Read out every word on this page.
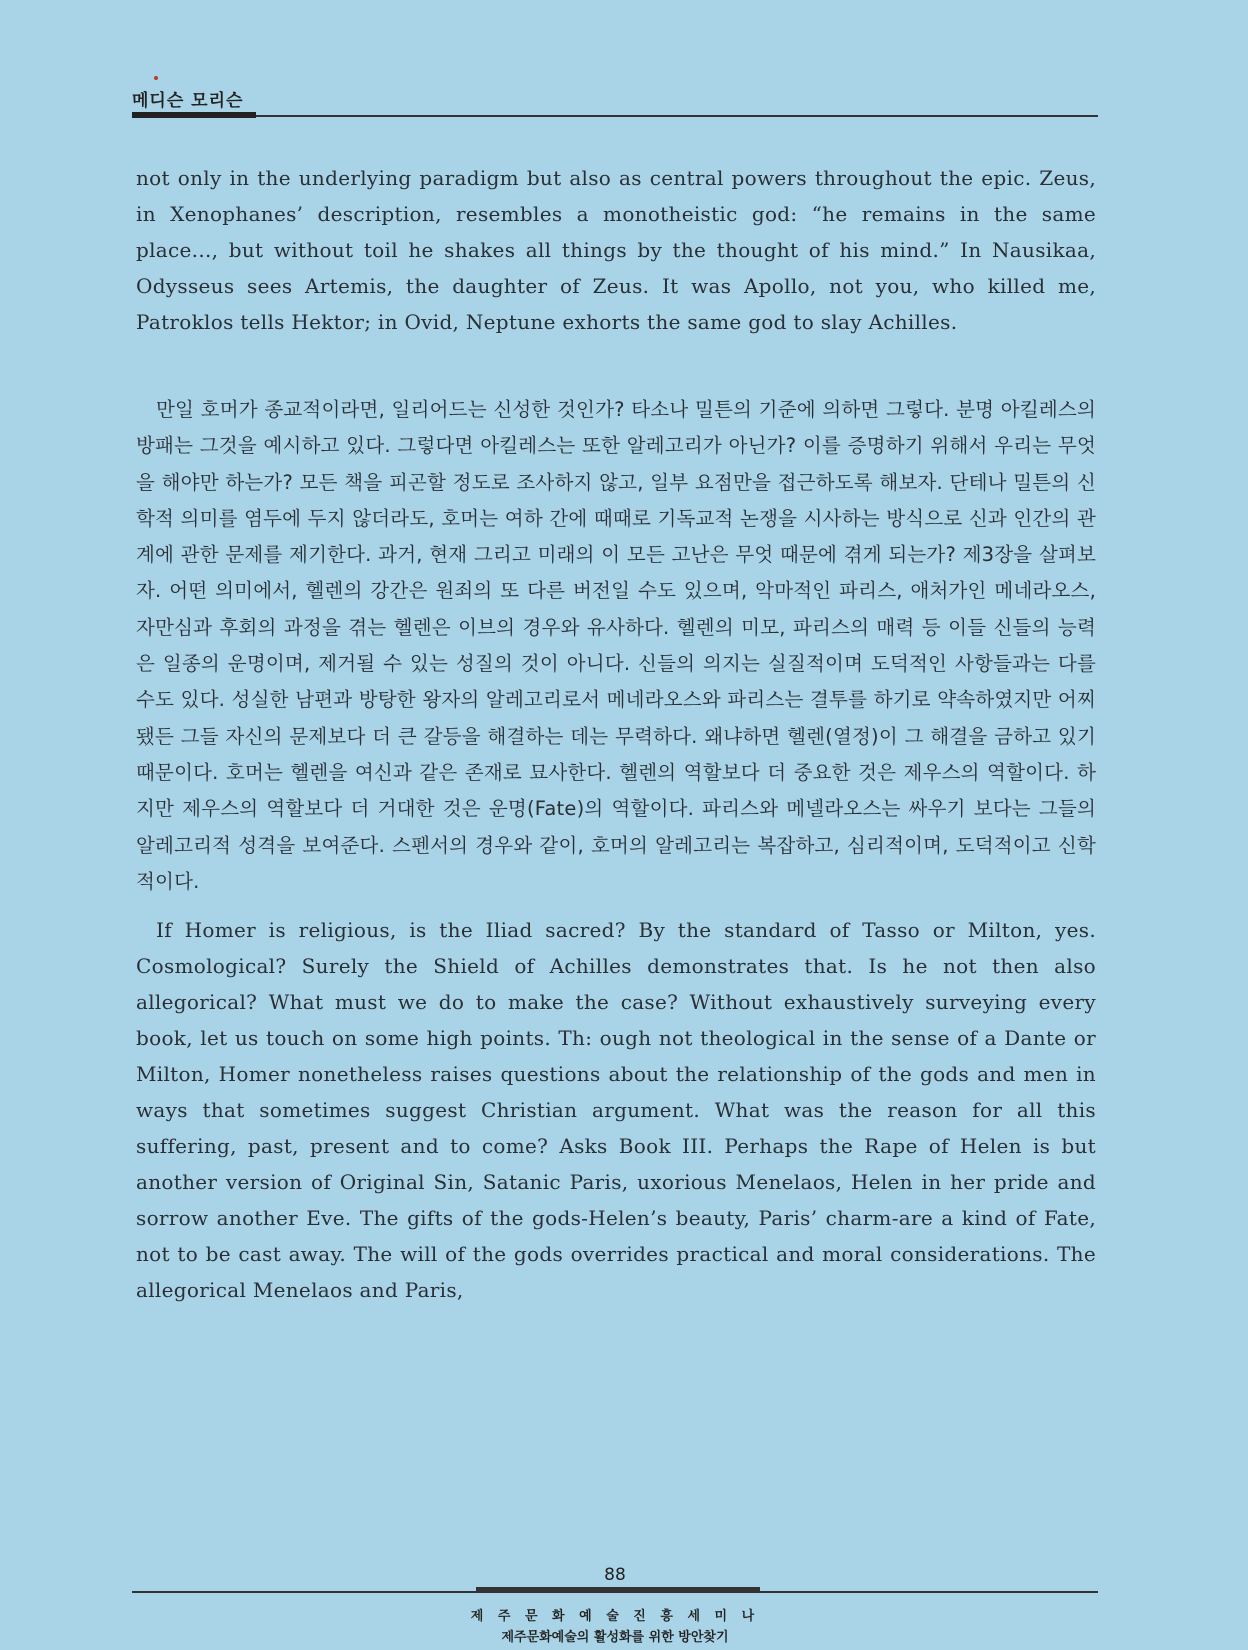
메디슨 모리슨

not only in the underlying paradigm but also as central powers throughout the epic. Zeus, in Xenophanes’ description, resembles a monotheistic god: “he remains in the same place..., but without toil he shakes all things by the thought of his mind.” In Nausikaa, Odysseus sees Artemis, the daughter of Zeus. It was Apollo, not you, who killed me, Patroklos tells Hektor; in Ovid, Neptune exhorts the same god to slay Achilles.

만일 호머가 종교적이라면, 일리어드는 신성한 것인가? 타소나 밀튼의 기준에 의하면 그렇다. 분명 아킬레스의 방패는 그것을 예시하고 있다. 그렇다면 아킬레스는 또한 알레고리가 아닌가? 이를 증명하기 위해서 우리는 무엇을 해야만 하는가? 모든 책을 피곤할 정도로 조사하지 않고, 일부 요점만을 접근하도록 해보자. 단테나 밀튼의 신학적 의미를 염두에 두지 않더라도, 호머는 여하 간에 때때로 기독교적 논쟁을 시사하는 방식으로 신과 인간의 관계에 관한 문제를 제기한다. 과거, 현재 그리고 미래의 이 모든 고난은 무엇 때문에 겪게 되는가? 제3장을 살펴보자. 어떤 의미에서, 헬렌의 강간은 원죄의 또 다른 버전일 수도 있으며, 악마적인 파리스, 애처가인 메네라오스, 자만심과 후회의 과정을 겪는 헬렌은 이브의 경우와 유사하다. 헬렌의 미모, 파리스의 매력 등 이들 신들의 능력은 일종의 운명이며, 제거될 수 있는 성질의 것이 아니다. 신들의 의지는 실질적이며 도덕적인 사항들과는 다를 수도 있다. 성실한 남편과 방탕한 왕자의 알레고리로서 메네라오스와 파리스는 결투를 하기로 약속하였지만 어찌됐든 그들 자신의 문제보다 더 큰 갈등을 해결하는 데는 무력하다. 왜냐하면 헬렌(열정)이 그 해결을 금하고 있기 때문이다. 호머는 헬렌을 여신과 같은 존재로 묘사한다. 헬렌의 역할보다 더 중요한 것은 제우스의 역할이다. 하지만 제우스의 역할보다 더 거대한 것은 운명(Fate)의 역할이다. 파리스와 메넬라오스는 싸우기 보다는 그들의 알레고리적 성격을 보여준다. 스펜서의 경우와 같이, 호머의 알레고리는 복잡하고, 심리적이며, 도덕적이고 신학적이다.

If Homer is religious, is the Iliad sacred? By the standard of Tasso or Milton, yes. Cosmological? Surely the Shield of Achilles demonstrates that. Is he not then also allegorical? What must we do to make the case? Without exhaustively surveying every book, let us touch on some high points. Th: ough not theological in the sense of a Dante or Milton, Homer nonetheless raises questions about the relationship of the gods and men in ways that sometimes suggest Christian argument. What was the reason for all this suffering, past, present and to come? Asks Book III. Perhaps the Rape of Helen is but another version of Original Sin, Satanic Paris, uxorious Menelaos, Helen in her pride and sorrow another Eve. The gifts of the gods-Helen’s beauty, Paris’ charm-are a kind of Fate, not to be cast away. The will of the gods overrides practical and moral considerations. The allegorical Menelaos and Paris,

88
제 주 문 화 예 술 진 흥 세 미 나
제주문화예술의 활성화를 위한 방안찾기
